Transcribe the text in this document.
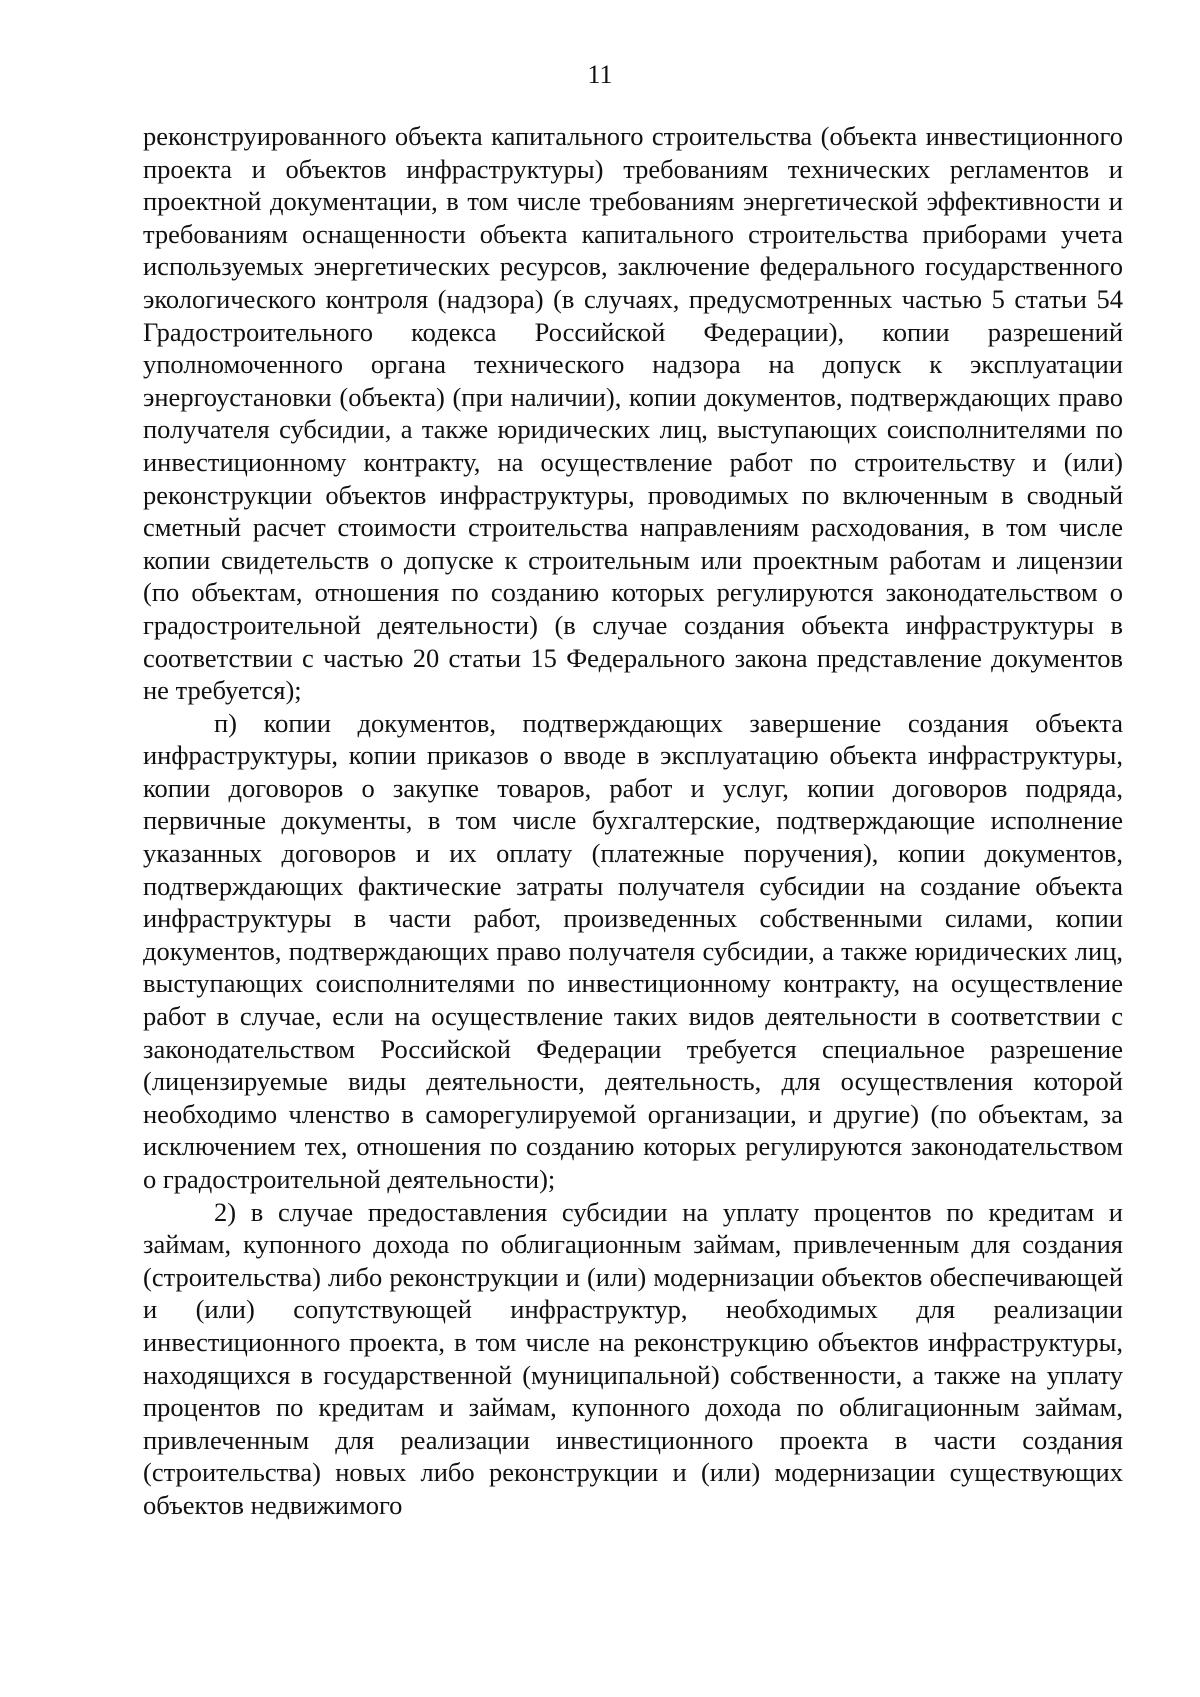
11

реконструированного объекта капитального строительства (объекта инвестиционного проекта и объектов инфраструктуры) требованиям технических регламентов и проектной документации, в том числе требованиям энергетической эффективности и требованиям оснащенности объекта капитального строительства приборами учета используемых энергетических ресурсов, заключение федерального государственного экологического контроля (надзора) (в случаях, предусмотренных частью 5 статьи 54 Градостроительного кодекса Российской Федерации), копии разрешений уполномоченного органа технического надзора на допуск к эксплуатации энергоустановки (объекта) (при наличии), копии документов, подтверждающих право получателя субсидии, а также юридических лиц, выступающих соисполнителями по инвестиционному контракту, на осуществление работ по строительству и (или) реконструкции объектов инфраструктуры, проводимых по включенным в сводный сметный расчет стоимости строительства направлениям расходования, в том числе копии свидетельств о допуске к строительным или проектным работам и лицензии (по объектам, отношения по созданию которых регулируются законодательством о градостроительной деятельности) (в случае создания объекта инфраструктуры в соответствии с частью 20 статьи 15 Федерального закона представление документов не требуется);

п) копии документов, подтверждающих завершение создания объекта инфраструктуры, копии приказов о вводе в эксплуатацию объекта инфраструктуры, копии договоров о закупке товаров, работ и услуг, копии договоров подряда, первичные документы, в том числе бухгалтерские, подтверждающие исполнение указанных договоров и их оплату (платежные поручения), копии документов, подтверждающих фактические затраты получателя субсидии на создание объекта инфраструктуры в части работ, произведенных собственными силами, копии документов, подтверждающих право получателя субсидии, а также юридических лиц, выступающих соисполнителями по инвестиционному контракту, на осуществление работ в случае, если на осуществление таких видов деятельности в соответствии с законодательством Российской Федерации требуется специальное разрешение (лицензируемые виды деятельности, деятельность, для осуществления которой необходимо членство в саморегулируемой организации, и другие) (по объектам, за исключением тех, отношения по созданию которых регулируются законодательством о градостроительной деятельности);

2) в случае предоставления субсидии на уплату процентов по кредитам и займам, купонного дохода по облигационным займам, привлеченным для создания (строительства) либо реконструкции и (или) модернизации объектов обеспечивающей и (или) сопутствующей инфраструктур, необходимых для реализации инвестиционного проекта, в том числе на реконструкцию объектов инфраструктуры, находящихся в государственной (муниципальной) собственности, а также на уплату процентов по кредитам и займам, купонного дохода по облигационным займам, привлеченным для реализации инвестиционного проекта в части создания (строительства) новых либо реконструкции и (или) модернизации существующих объектов недвижимого
